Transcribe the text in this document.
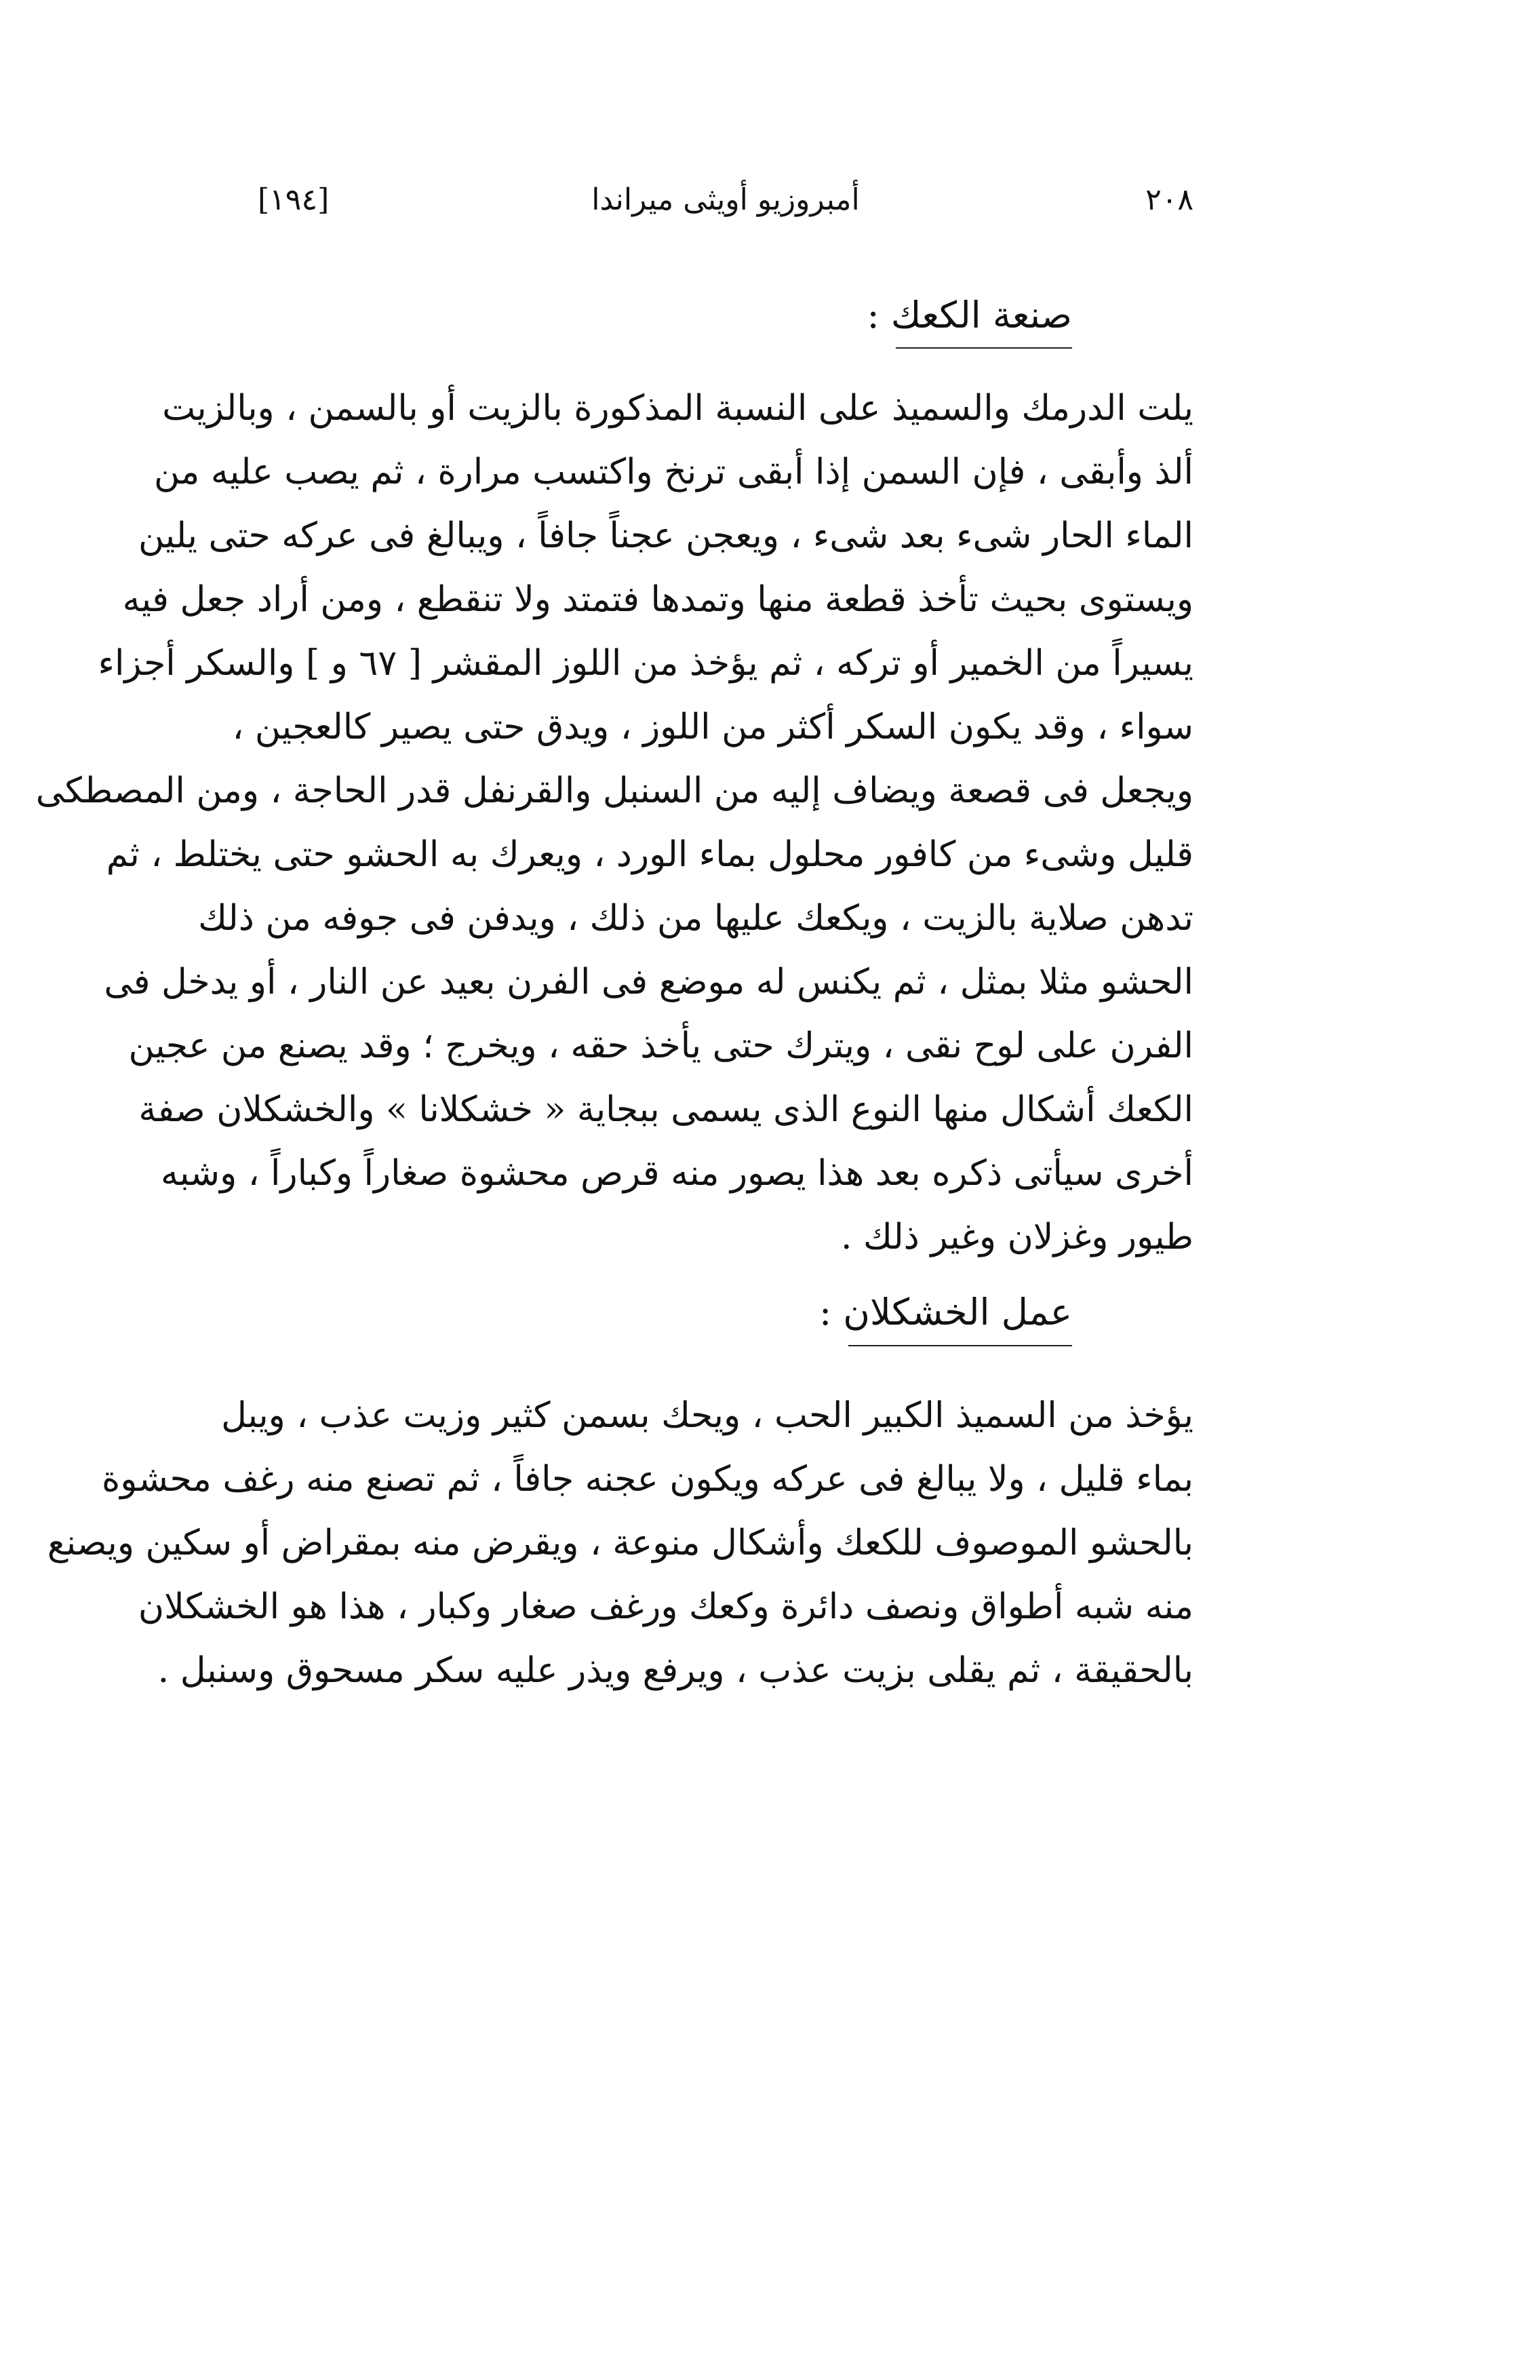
[١٩٤]	أمبروزيو أويثى ميراندا	٢٠٨
صنعة الكعك :
يلت الدرمك والسميذ على النسبة المذكورة بالزيت أو بالسمن ، وبالزيت
ألذ وأبقى ، فإن السمن إذا أبقى ترنخ واكتسب مرارة ، ثم يصب عليه من
الماء الحار شىء بعد شىء ، ويعجن عجناً جافاً ، ويبالغ فى عركه حتى يلين
ويستوى بحيث تأخذ قطعة منها وتمدها فتمتد ولا تنقطع ، ومن أراد جعل فيه
يسيراً من الخمير أو تركه ، ثم يؤخذ من اللوز المقشر [ ٦٧ و ] والسكر أجزاء
سواء ، وقد يكون السكر أكثر من اللوز ، ويدق حتى يصير كالعجين ،
ويجعل فى قصعة ويضاف إليه من السنبل والقرنفل قدر الحاجة ، ومن المصطكى
قليل وشىء من كافور محلول بماء الورد ، ويعرك به الحشو حتى يختلط ، ثم
تدهن صلاية بالزيت ، ويكعك عليها من ذلك ، ويدفن فى جوفه من ذلك
الحشو مثلا بمثل ، ثم يكنس له موضع فى الفرن بعيد عن النار ، أو يدخل فى
الفرن على لوح نقى ، ويترك حتى يأخذ حقه ، ويخرج ؛ وقد يصنع من عجين
الكعك أشكال منها النوع الذى يسمى ببجاية « خشكلانا » والخشكلان صفة
أخرى سيأتى ذكره بعد هذا يصور منه قرص محشوة صغاراً وكباراً ، وشبه
طيور وغزلان وغير ذلك .
عمل الخشكلان :
يؤخذ من السميذ الكبير الحب ، ويحك بسمن كثير وزيت عذب ، ويبل
بماء قليل ، ولا يبالغ فى عركه ويكون عجنه جافاً ، ثم تصنع منه رغف محشوة
بالحشو الموصوف للكعك وأشكال منوعة ، ويقرض منه بمقراض أو سكين ويصنع
منه شبه أطواق ونصف دائرة وكعك ورغف صغار وكبار ، هذا هو الخشكلان
بالحقيقة ، ثم يقلى بزيت عذب ، ويرفع ويذر عليه سكر مسحوق وسنبل .
